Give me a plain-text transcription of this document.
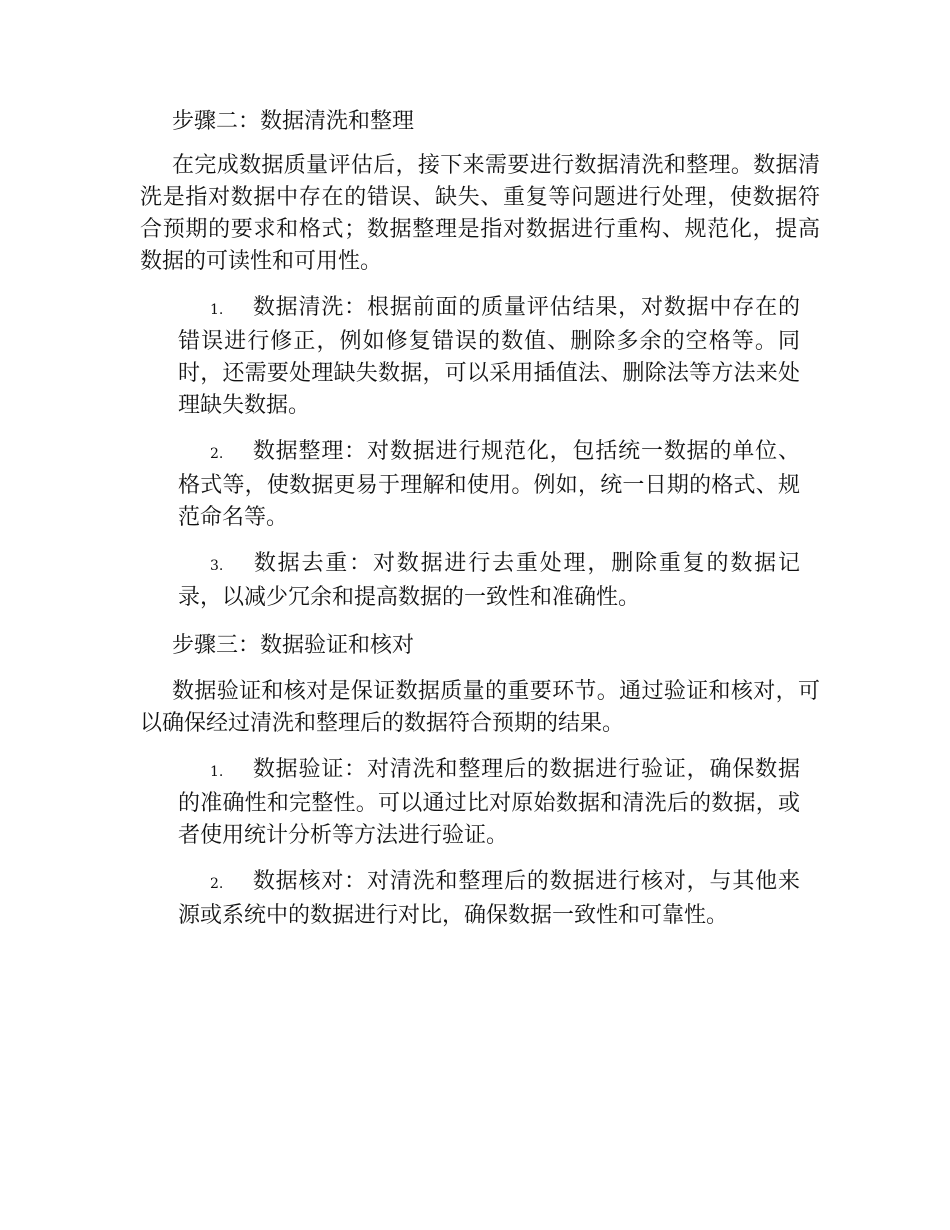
步骤二：数据清洗和整理
在完成数据质量评估后，接下来需要进行数据清洗和整理。数据清洗是指对数据中存在的错误、缺失、重复等问题进行处理，使数据符合预期的要求和格式；数据整理是指对数据进行重构、规范化，提高数据的可读性和可用性。
1. 数据清洗：根据前面的质量评估结果，对数据中存在的错误进行修正，例如修复错误的数值、删除多余的空格等。同时，还需要处理缺失数据，可以采用插值法、删除法等方法来处理缺失数据。
2. 数据整理：对数据进行规范化，包括统一数据的单位、格式等，使数据更易于理解和使用。例如，统一日期的格式、规范命名等。
3. 数据去重：对数据进行去重处理，删除重复的数据记录，以减少冗余和提高数据的一致性和准确性。
步骤三：数据验证和核对
数据验证和核对是保证数据质量的重要环节。通过验证和核对，可以确保经过清洗和整理后的数据符合预期的结果。
1. 数据验证：对清洗和整理后的数据进行验证，确保数据的准确性和完整性。可以通过比对原始数据和清洗后的数据，或者使用统计分析等方法进行验证。
2. 数据核对：对清洗和整理后的数据进行核对，与其他来源或系统中的数据进行对比，确保数据一致性和可靠性。
